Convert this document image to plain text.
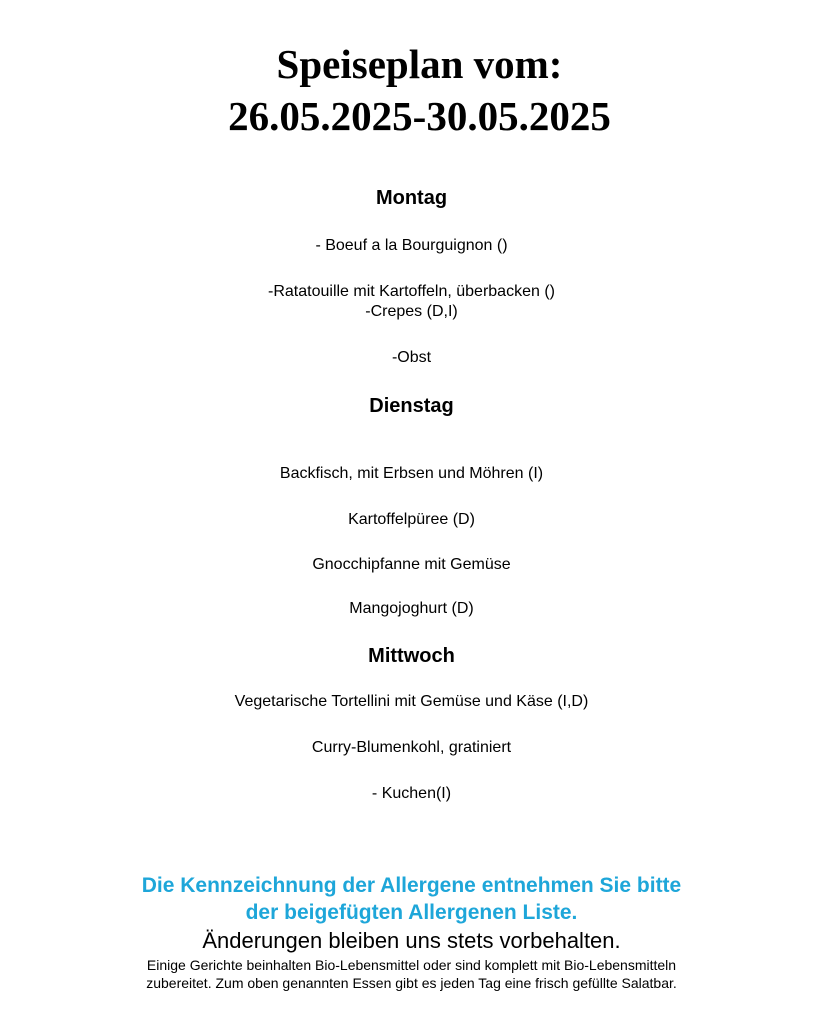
Speiseplan vom:
26.05.2025-30.05.2025
Montag

- Boeuf a la Bourguignon ()

-Ratatouille mit Kartoffeln, überbacken ()

-Crepes (D,I)

-Obst

Dienstag

Backfisch, mit Erbsen und Möhren (I)

Kartoffelpüree (D)

Gnocchipfanne mit Gemüse

Mangojoghurt (D)

Mittwoch

Vegetarische Tortellini mit Gemüse und Käse (I,D)

Curry-Blumenkohl, gratiniert

- Kuchen(I)

Die Kennzeichnung der Allergene entnehmen Sie bitte
der beigefügten Allergenen Liste.

Änderungen bleiben uns stets vorbehalten.

Einige Gerichte beinhalten Bio-Lebensmittel oder sind komplett mit Bio-Lebensmitteln
zubereitet. Zum oben genannten Essen gibt es jeden Tag eine frisch gefüllte Salatbar.
